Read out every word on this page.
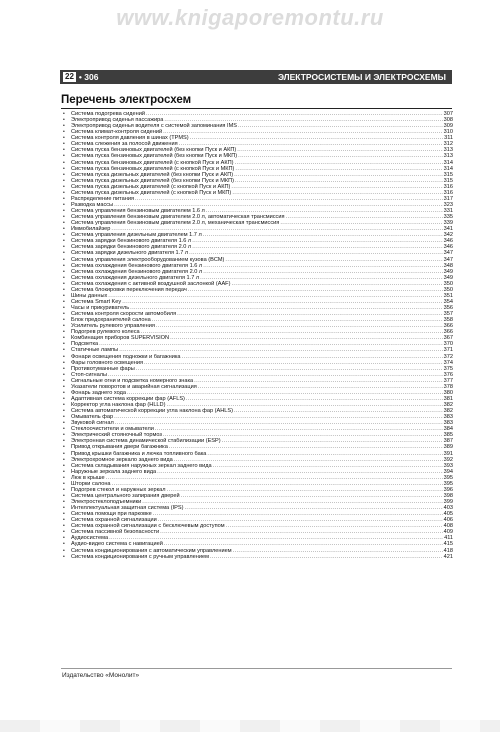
www.knigaporemontu.ru
22 • 306	ЭЛЕКТРОСИСТЕМЫ И ЭЛЕКТРОСХЕМЫ
Перечень электросхем
•	Система подогрева сидений .....	307
•	Электропривод сиденья пассажира .....	308
•	Электропривод сиденья водителя с системой запоминания IMS .....	309
•	Система климат-контроля сидений .....	310
•	Система контроля давления в шинах (TPMS) .....	311
•	Система слежения за полосой движения .....	312
•	Система пуска бензиновых двигателей (без кнопки Пуск и АКП) .....	313
•	Система пуска бензиновых двигателей (без кнопки Пуск и МКП) .....	313
•	Система пуска бензиновых двигателей (с кнопкой Пуск и АКП) .....	314
•	Система пуска бензиновых двигателей (с кнопкой Пуск и МКП) .....	314
•	Система пуска дизельных двигателей (без кнопки Пуск и АКП) .....	315
•	Система пуска дизельных двигателей (без кнопки Пуск и МКП) .....	315
•	Система пуска дизельных двигателей (с кнопкой Пуск и АКП) .....	316
•	Система пуска дизельных двигателей (с кнопкой Пуск и МКП) .....	316
•	Распределение питания .....	317
•	Разводка массы .....	323
•	Система управления бензиновым двигателем 1.6 л .....	331
•	Система управления бензиновым двигателем 2.0 л, автоматическая трансмиссия .....	335
•	Система управления бензиновым двигателем 2.0 л, механическая трансмиссия .....	339
•	Иммобилайзер .....	341
•	Система управления дизельным двигателем 1.7 л .....	342
•	Система зарядки бензинового двигателя 1.6 л .....	346
•	Система зарядки бензинового двигателя 2.0 л .....	346
•	Система зарядки дизельного двигателя 1.7 л .....	347
•	Система управления электрооборудованием кузова (BCM) .....	347
•	Система охлаждения бензинового двигателя 1.6 л .....	348
•	Система охлаждения бензинового двигателя 2.0 л .....	349
•	Система охлаждения дизельного двигателя 1.7 л .....	349
•	Система охлаждения с активной воздушной заслонкой (AAF) .....	350
•	Система блокировки переключения передач .....	350
•	Шины данных .....	351
•	Система Smart Key .....	354
•	Часы и прикуриватель .....	356
•	Система контроля скорости автомобиля .....	357
•	Блок предохранителей салона .....	358
•	Усилитель рулевого управления .....	366
•	Подогрев рулевого колеса .....	366
•	Комбинация приборов SUPERVISION .....	367
•	Подсветка .....	370
•	Статичные лампы .....	371
•	Фонари освещения подножки и багажника .....	372
•	Фары головного освещения .....	374
•	Противотуманные фары .....	375
•	Стоп-сигналы .....	376
•	Сигнальные огни и подсветка номерного знака .....	377
•	Указатели поворотов и аварийная сигнализация .....	378
•	Фонарь заднего хода .....	380
•	Адаптивная система коррекции фар (AFLS) .....	381
•	Корректор угла наклона фар (HLLD) .....	382
•	Система автоматической коррекции угла наклона фар (AHLS) .....	382
•	Омыватель фар .....	383
•	Звуковой сигнал .....	383
•	Стеклоочистители и омыватели .....	384
•	Электрический стояночный тормоз .....	385
•	Электронная система динамической стабилизации (ESP) .....	387
•	Привод открывания двери багажника .....	389
•	Привод крышки багажника и лючка топливного бака .....	391
•	Электрохромное зеркало заднего вида .....	392
•	Система складывания наружных зеркал заднего вида .....	393
•	Наружные зеркала заднего вида .....	394
•	Люк в крыше .....	395
•	Шторки салона .....	395
•	Подогрев стекол и наружных зеркал .....	396
•	Система центрального запирания дверей .....	398
•	Электростеклоподъемники .....	399
•	Интеллектуальная защитная система (IPS) .....	403
•	Система помощи при парковке .....	405
•	Система охранной сигнализации .....	406
•	Система охранной сигнализации с бесключевым доступом .....	408
•	Система пассивной безопасности .....	409
•	Аудиосистема .....	411
•	Аудио-видео система с навигацией .....	415
•	Система кондиционирования с автоматическим управлением .....	418
•	Система кондиционирования с ручным управлением .....	421
Издательство «Монолит»
